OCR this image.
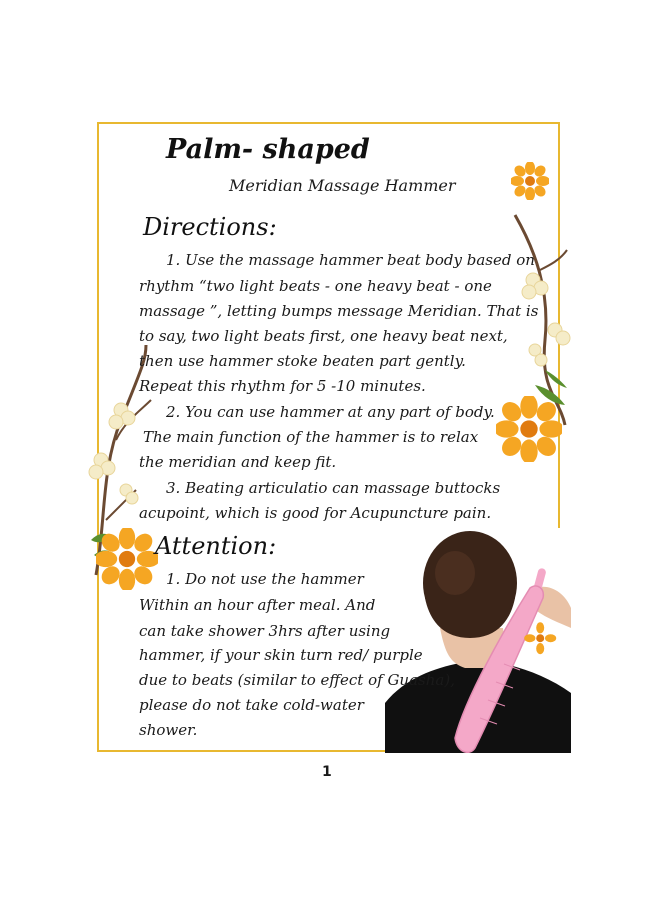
Palm- shaped
Meridian Massage Hammer
Directions:
1. Use the massage hammer beat body based on
rhythm “two light beats - one heavy beat - one
massage ”, letting bumps message Meridian. That is
to say, two light beats first, one heavy beat next,
then use hammer stoke beaten part gently.
Repeat this rhythm for 5 -10 minutes.
2. You can use hammer at any part of body.
The main function of the hammer is to relax
the meridian and keep fit.
3. Beating articulatio can massage buttocks
acupoint, which is good for Acupuncture pain.
Attention:
1. Do not use the hammer
Within an hour after meal. And
can take shower 3hrs after using
hammer, if your skin turn red/ purple
due to beats (similar to effect of Guasha),
please do not take cold-water
shower.
1
